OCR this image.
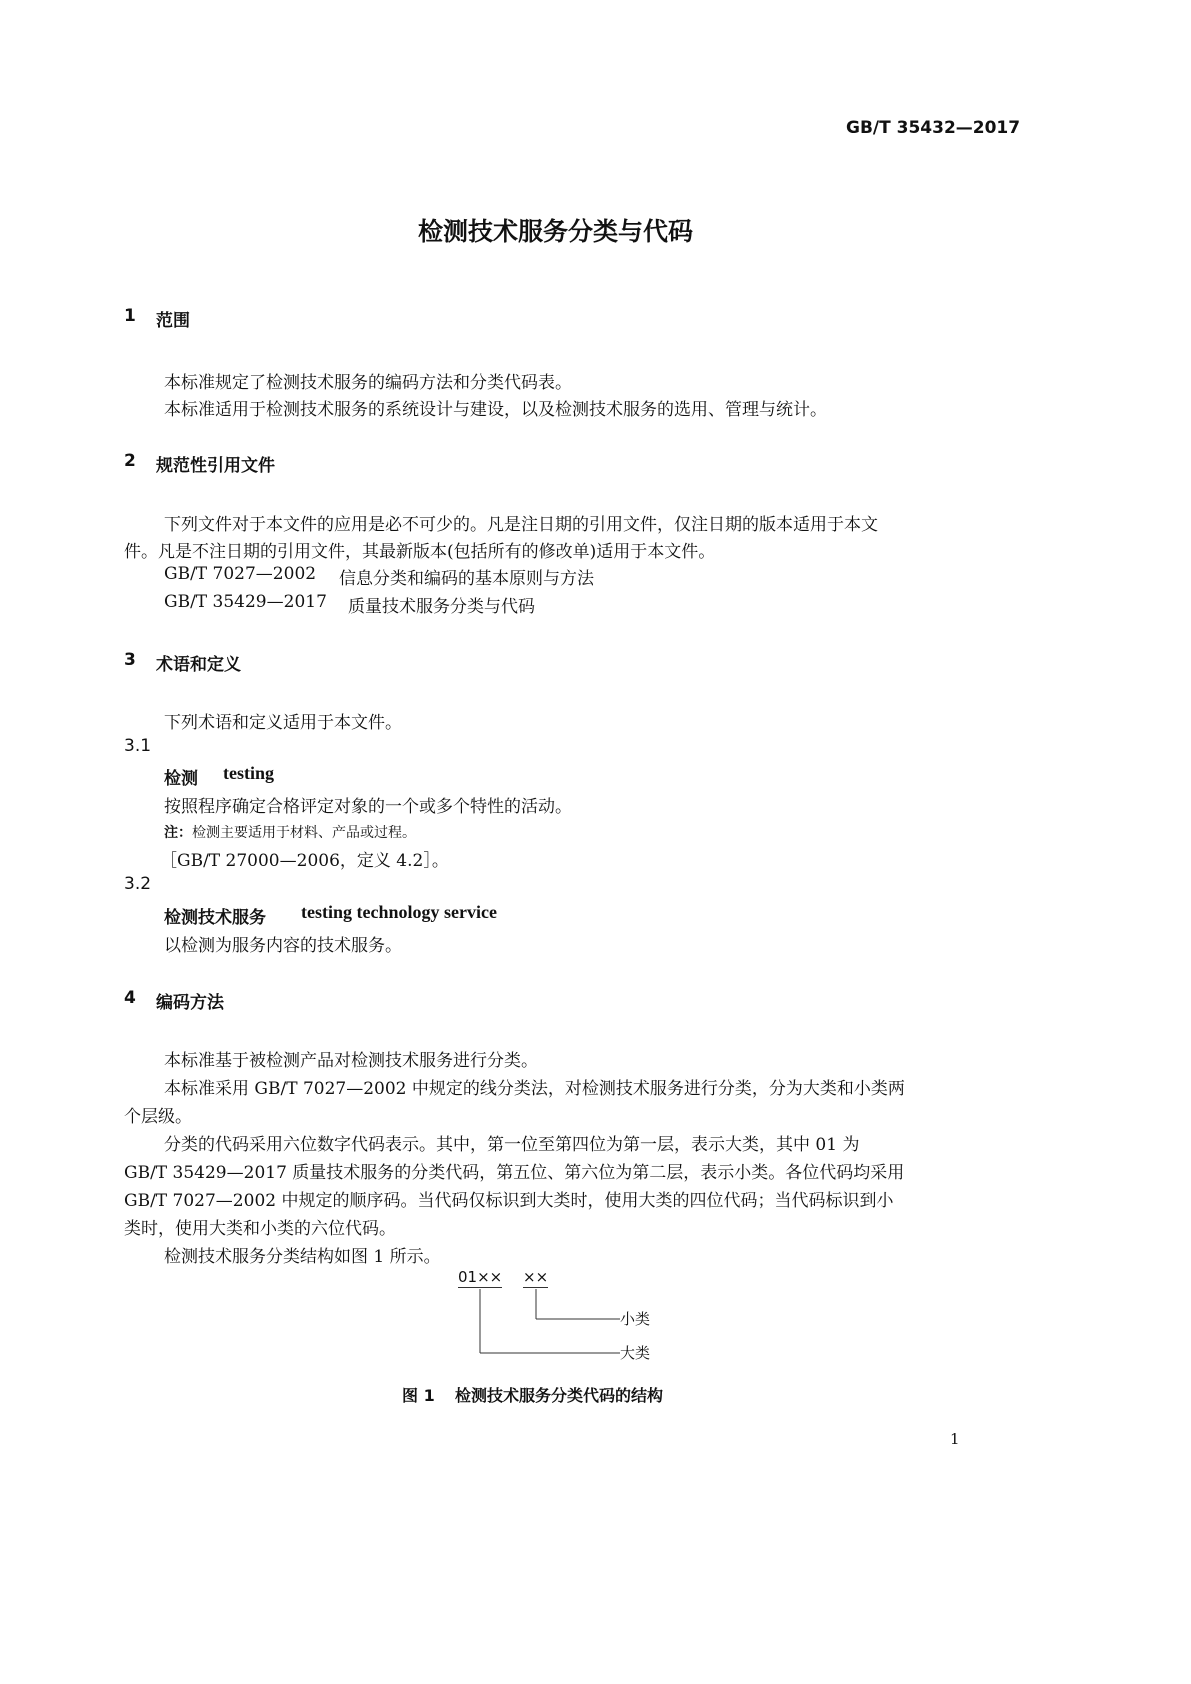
GB/T 35432—2017
检测技术服务分类与代码
1 范围
本标准规定了检测技术服务的编码方法和分类代码表。
本标准适用于检测技术服务的系统设计与建设，以及检测技术服务的选用、管理与统计。
2 规范性引用文件
下列文件对于本文件的应用是必不可少的。凡是注日期的引用文件，仅注日期的版本适用于本文
件。凡是不注日期的引用文件，其最新版本(包括所有的修改单)适用于本文件。
GB/T 7027—2002 信息分类和编码的基本原则与方法
GB/T 35429—2017 质量技术服务分类与代码
3 术语和定义
下列术语和定义适用于本文件。
3.1
检测 testing
按照程序确定合格评定对象的一个或多个特性的活动。
注：检测主要适用于材料、产品或过程。
［GB/T 27000—2006，定义 4.2］。
3.2
检测技术服务 testing technology service
以检测为服务内容的技术服务。
4 编码方法
本标准基于被检测产品对检测技术服务进行分类。
本标准采用 GB/T 7027—2002 中规定的线分类法，对检测技术服务进行分类，分为大类和小类两
个层级。
分类的代码采用六位数字代码表示。其中，第一位至第四位为第一层，表示大类，其中 01 为
GB/T 35429—2017 质量技术服务的分类代码，第五位、第六位为第二层，表示小类。各位代码均采用
GB/T 7027—2002 中规定的顺序码。当代码仅标识到大类时，使用大类的四位代码；当代码标识到小
类时，使用大类和小类的六位代码。
检测技术服务分类结构如图 1 所示。
01×× ××
小类
大类
图 1 检测技术服务分类代码的结构
1
